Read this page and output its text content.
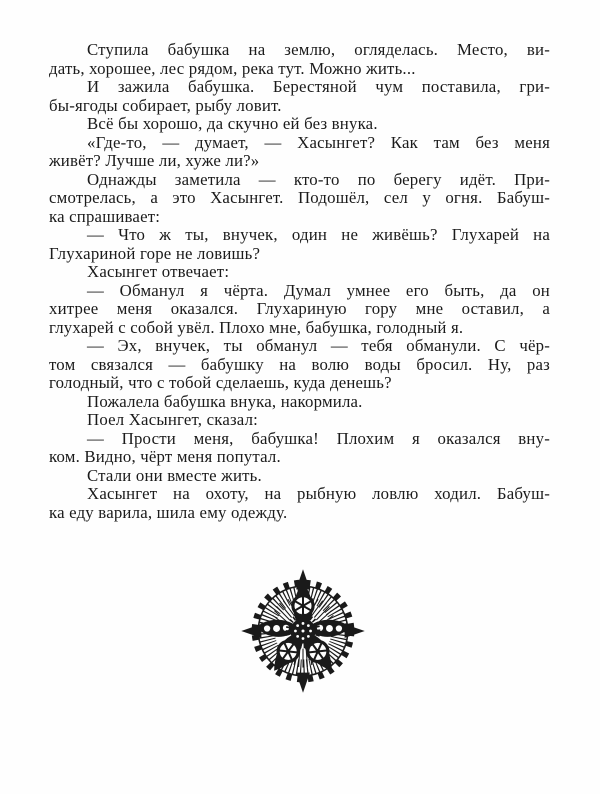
Ступила бабушка на землю, огляделась. Место, ви-
дать, хорошее, лес рядом, река тут. Можно жить...
И зажила бабушка. Берестяной чум поставила, гри-
бы-ягоды собирает, рыбу ловит.
Всё бы хорошо, да скучно ей без внука.
«Где-то, — думает, — Хасынгет? Как там без меня
живёт? Лучше ли, хуже ли?»
Однажды заметила — кто-то по берегу идёт. При-
смотрелась, а это Хасынгет. Подошёл, сел у огня. Бабуш-
ка спрашивает:
— Что ж ты, внучек, один не живёшь? Глухарей на
Глухариной горе не ловишь?
Хасынгет отвечает:
— Обманул я чёрта. Думал умнее его быть, да он
хитрее меня оказался. Глухариную гору мне оставил, а
глухарей с собой увёл. Плохо мне, бабушка, голодный я.
— Эх, внучек, ты обманул — тебя обманули. С чёр-
том связался — бабушку на волю воды бросил. Ну, раз
голодный, что с тобой сделаешь, куда денешь?
Пожалела бабушка внука, накормила.
Поел Хасынгет, сказал:
— Прости меня, бабушка! Плохим я оказался вну-
ком. Видно, чёрт меня попутал.
Стали они вместе жить.
Хасынгет на охоту, на рыбную ловлю ходил. Бабуш-
ка еду варила, шила ему одежду.
